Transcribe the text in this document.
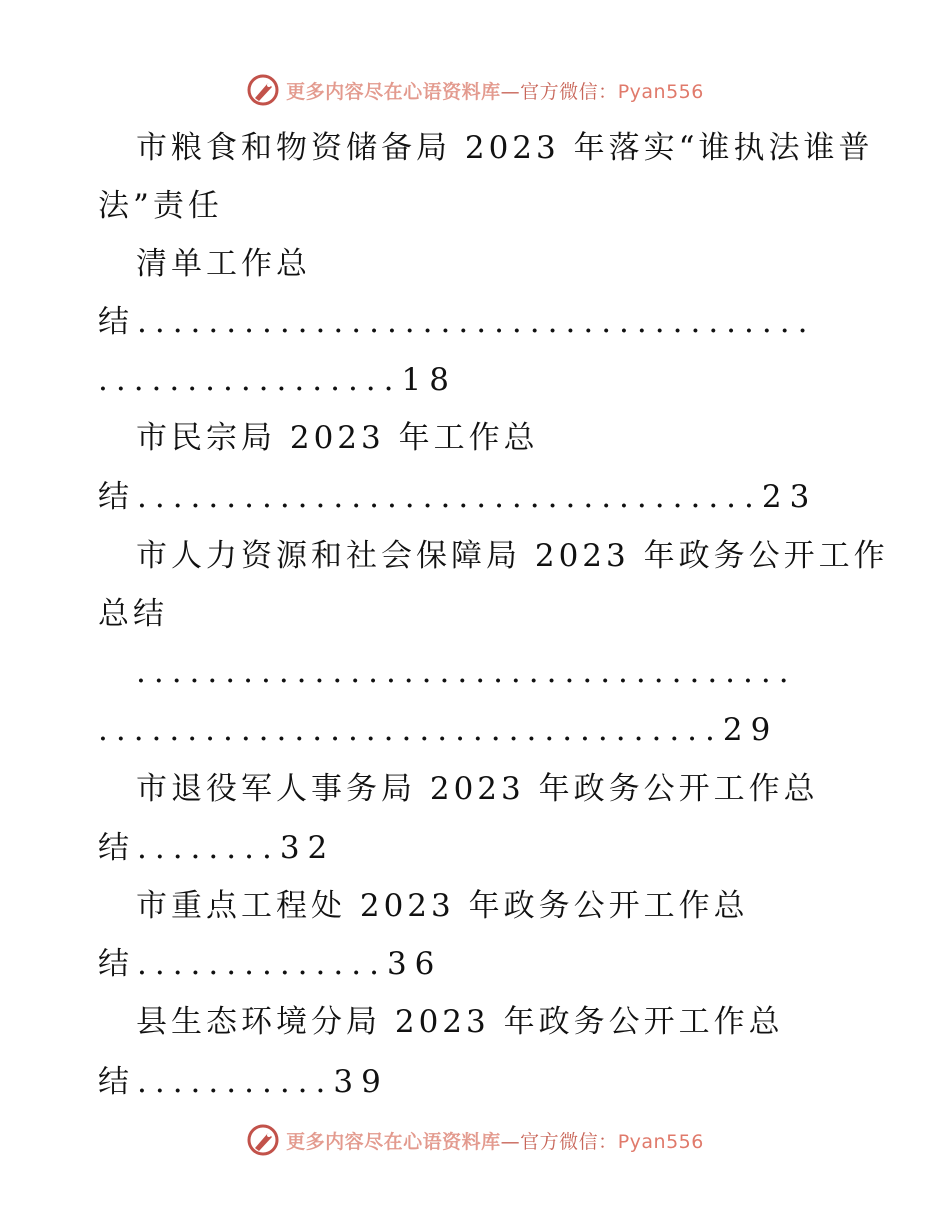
更多内容尽在心语资料库—官方微信：Pyan556
市粮食和物资储备局 2023 年落实“谁执法谁普
法”责任
清单工作总
结......................................
.................18
市民宗局 2023 年工作总
结...................................23
市人力资源和社会保障局 2023 年政务公开工作
总结
.....................................
...................................29
市退役军人事务局 2023 年政务公开工作总
结........32
市重点工程处 2023 年政务公开工作总
结..............36
县生态环境分局 2023 年政务公开工作总
结...........39
更多内容尽在心语资料库—官方微信：Pyan556
